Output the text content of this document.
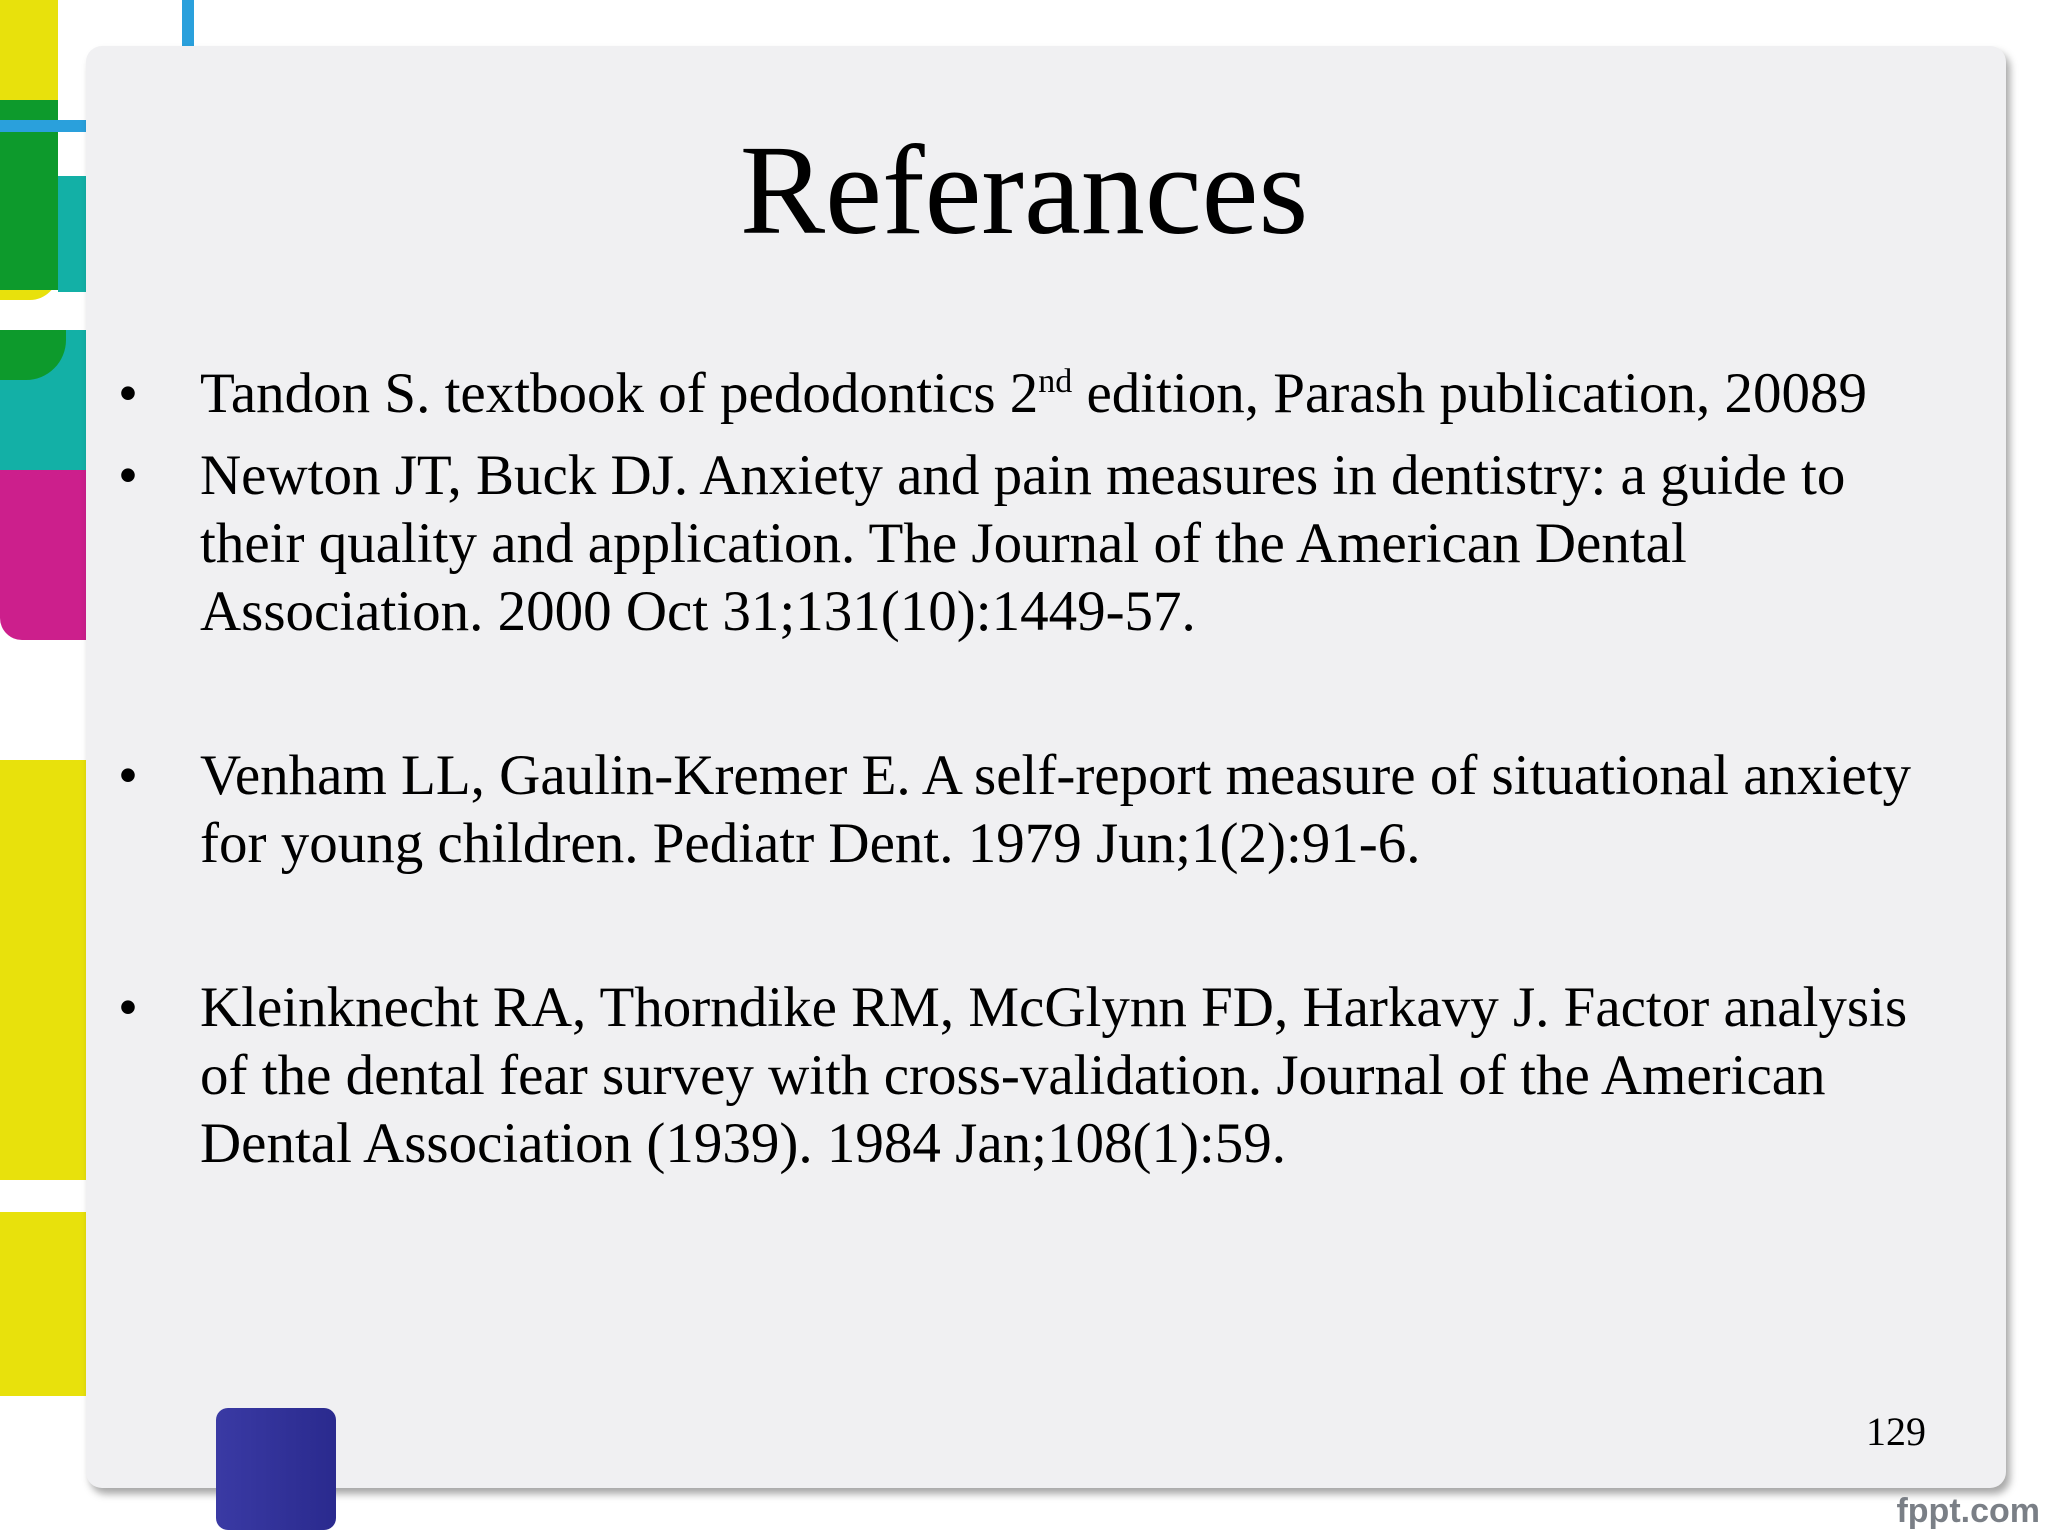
Referances
•	Tandon S. textbook of pedodontics 2nd edition, Parash publication, 20089
•	Newton JT, Buck DJ. Anxiety and pain measures in dentistry: a guide to their quality and application. The Journal of the American Dental Association. 2000 Oct 31;131(10):1449-57.
•	Venham LL, Gaulin-Kremer E. A self-report measure of situational anxiety for young children. Pediatr Dent. 1979 Jun;1(2):91-6.
•	Kleinknecht RA, Thorndike RM, McGlynn FD, Harkavy J. Factor analysis of the dental fear survey with cross-validation. Journal of the American Dental Association (1939). 1984 Jan;108(1):59.
129
fppt.com
